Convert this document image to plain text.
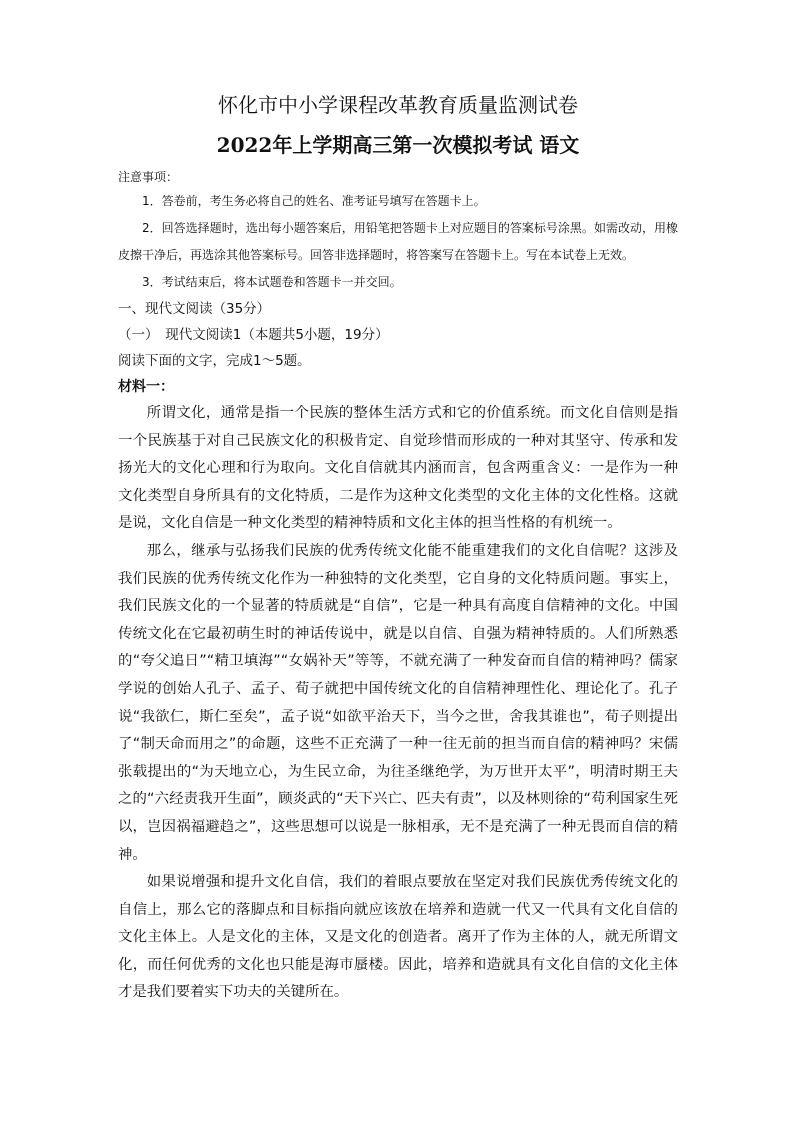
怀化市中小学课程改革教育质量监测试卷
2022年上学期高三第一次模拟考试 语文
注意事项：

1．答卷前，考生务必将自己的姓名、准考证号填写在答题卡上。

2．回答选择题时，选出每小题答案后，用铅笔把答题卡上对应题目的答案标号涂黑。如需改动，用橡皮擦干净后，再选涂其他答案标号。回答非选择题时，将答案写在答题卡上。写在本试卷上无效。

3．考试结束后，将本试题卷和答题卡一并交回。

一、现代文阅读（35分）

（一）　现代文阅读1（本题共5小题，19分）

阅读下面的文字，完成1～5题。

材料一：

所谓文化，通常是指一个民族的整体生活方式和它的价值系统。而文化自信则是指一个民族基于对自己民族文化的积极肯定、自觉珍惜而形成的一种对其坚守、传承和发扬光大的文化心理和行为取向。文化自信就其内涵而言，包含两重含义：一是作为一种文化类型自身所具有的文化特质，二是作为这种文化类型的文化主体的文化性格。这就是说，文化自信是一种文化类型的精神特质和文化主体的担当性格的有机统一。

那么，继承与弘扬我们民族的优秀传统文化能不能重建我们的文化自信呢？这涉及我们民族的优秀传统文化作为一种独特的文化类型，它自身的文化特质问题。事实上，我们民族文化的一个显著的特质就是“自信”，它是一种具有高度自信精神的文化。中国传统文化在它最初萌生时的神话传说中，就是以自信、自强为精神特质的。人们所熟悉的“夸父追日”“精卫填海”“女娲补天”等等，不就充满了一种发奋而自信的精神吗？儒家学说的创始人孔子、孟子、荀子就把中国传统文化的自信精神理性化、理论化了。孔子说“我欲仁，斯仁至矣”，孟子说“如欲平治天下，当今之世，舍我其谁也”，荀子则提出了“制天命而用之”的命题，这些不正充满了一种一往无前的担当而自信的精神吗？宋儒张载提出的“为天地立心，为生民立命，为往圣继绝学，为万世开太平”，明清时期王夫之的“六经责我开生面”，顾炎武的“天下兴亡、匹夫有责”，以及林则徐的“苟利国家生死以，岂因祸福避趋之”，这些思想可以说是一脉相承，无不是充满了一种无畏而自信的精神。

如果说增强和提升文化自信，我们的着眼点要放在坚定对我们民族优秀传统文化的自信上，那么它的落脚点和目标指向就应该放在培养和造就一代又一代具有文化自信的文化主体上。人是文化的主体，又是文化的创造者。离开了作为主体的人，就无所谓文化，而任何优秀的文化也只能是海市蜃楼。因此，培养和造就具有文化自信的文化主体才是我们要着实下功夫的关键所在。
